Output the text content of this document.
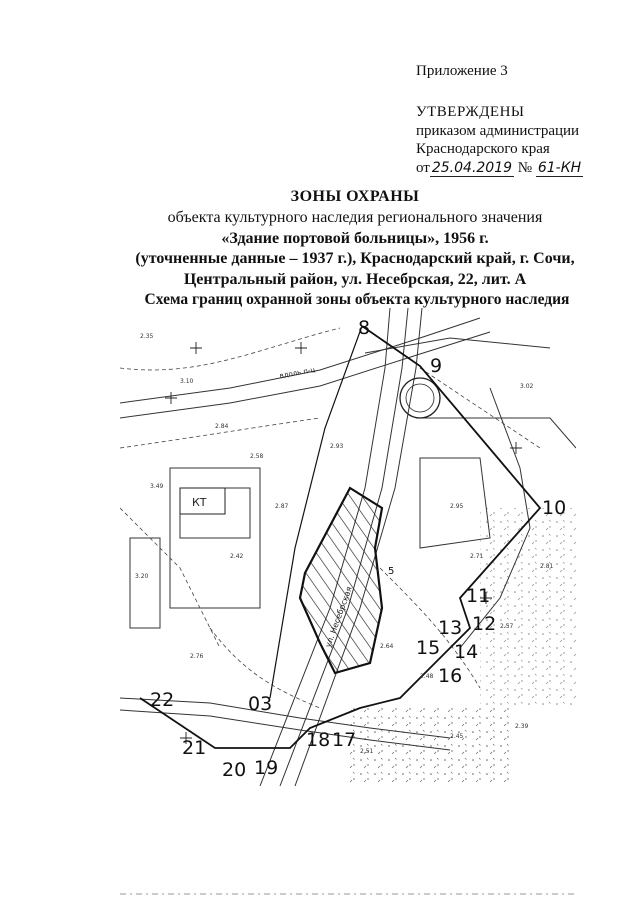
Приложение 3
УТВЕРЖДЕНЫ
приказом администрации
Краснодарского края
от 25.04.2019 № 61-КН
ЗОНЫ ОХРАНЫ
объекта культурного наследия регионального значения
«Здание портовой больницы», 1956 г.
(уточненные данные – 1937 г.), Краснодарский край, г. Сочи,
Центральный район, ул. Несебрская, 22, лит. А
Схема границ охранной зоны объекта культурного наследия
2.35
3.10
2.84
2.58
3.49
2.42
2.87	2.95
2.71
2.57
2.64
2.48
2.93
3.02
2.81
3.20
2.76
2.45
2.39
2.51
КТ
ул. Несебрская
вдоль п-ц
8
9
10
11
12
13
14
15
16
17
18
19
20
21
22	03
5
